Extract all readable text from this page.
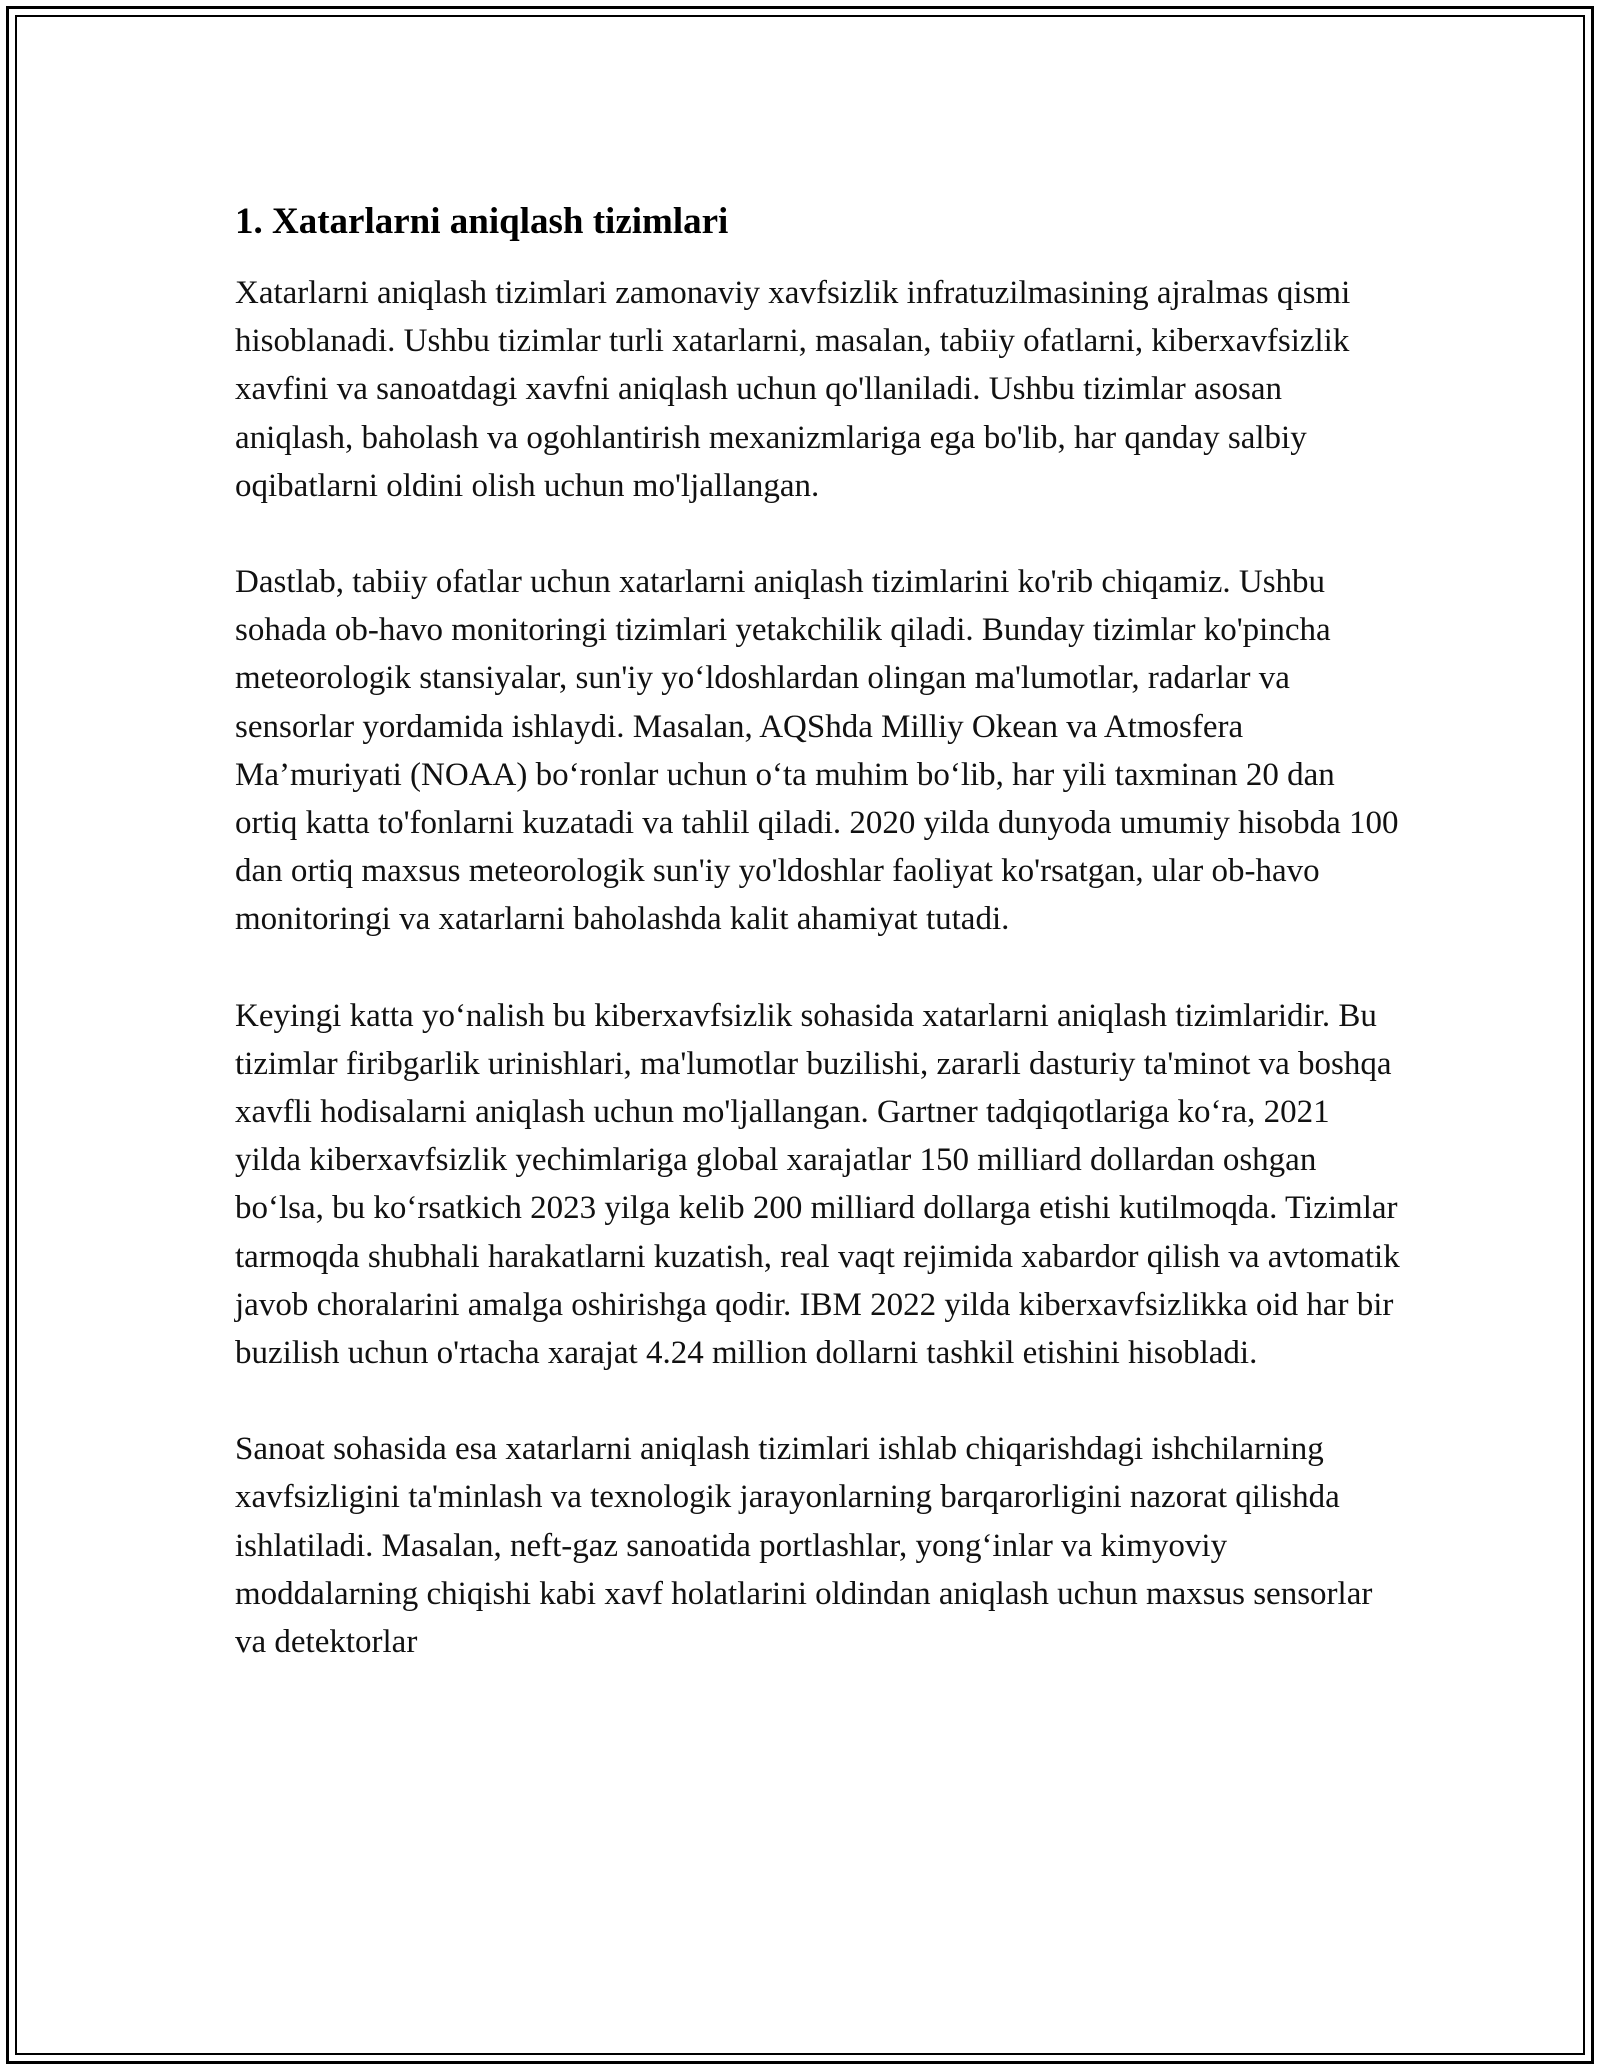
1. Xatarlarni aniqlash tizimlari

Xatarlarni aniqlash tizimlari zamonaviy xavfsizlik infratuzilmasining ajralmas qismi hisoblanadi. Ushbu tizimlar turli xatarlarni, masalan, tabiiy ofatlarni, kiberxavfsizlik xavfini va sanoatdagi xavfni aniqlash uchun qo'llaniladi. Ushbu tizimlar asosan aniqlash, baholash va ogohlantirish mexanizmlariga ega bo'lib, har qanday salbiy oqibatlarni oldini olish uchun mo'ljallangan.

Dastlab, tabiiy ofatlar uchun xatarlarni aniqlash tizimlarini ko'rib chiqamiz. Ushbu sohada ob-havo monitoringi tizimlari yetakchilik qiladi. Bunday tizimlar ko'pincha meteorologik stansiyalar, sun'iy yo‘ldoshlardan olingan ma'lumotlar, radarlar va sensorlar yordamida ishlaydi. Masalan, AQShda Milliy Okean va Atmosfera Ma’muriyati (NOAA) bo‘ronlar uchun o‘ta muhim bo‘lib, har yili taxminan 20 dan ortiq katta to'fonlarni kuzatadi va tahlil qiladi. 2020 yilda dunyoda umumiy hisobda 100 dan ortiq maxsus meteorologik sun'iy yo'ldoshlar faoliyat ko'rsatgan, ular ob-havo monitoringi va xatarlarni baholashda kalit ahamiyat tutadi.

Keyingi katta yo‘nalish bu kiberxavfsizlik sohasida xatarlarni aniqlash tizimlaridir. Bu tizimlar firibgarlik urinishlari, ma'lumotlar buzilishi, zararli dasturiy ta'minot va boshqa xavfli hodisalarni aniqlash uchun mo'ljallangan. Gartner tadqiqotlariga ko‘ra, 2021 yilda kiberxavfsizlik yechimlariga global xarajatlar 150 milliard dollardan oshgan bo‘lsa, bu ko‘rsatkich 2023 yilga kelib 200 milliard dollarga etishi kutilmoqda. Tizimlar tarmoqda shubhali harakatlarni kuzatish, real vaqt rejimida xabardor qilish va avtomatik javob choralarini amalga oshirishga qodir. IBM 2022 yilda kiberxavfsizlikka oid har bir buzilish uchun o'rtacha xarajat 4.24 million dollarni tashkil etishini hisobladi.

Sanoat sohasida esa xatarlarni aniqlash tizimlari ishlab chiqarishdagi ishchilarning xavfsizligini ta'minlash va texnologik jarayonlarning barqarorligini nazorat qilishda ishlatiladi. Masalan, neft-gaz sanoatida portlashlar, yong‘inlar va kimyoviy moddalarning chiqishi kabi xavf holatlarini oldindan aniqlash uchun maxsus sensorlar va detektorlar
